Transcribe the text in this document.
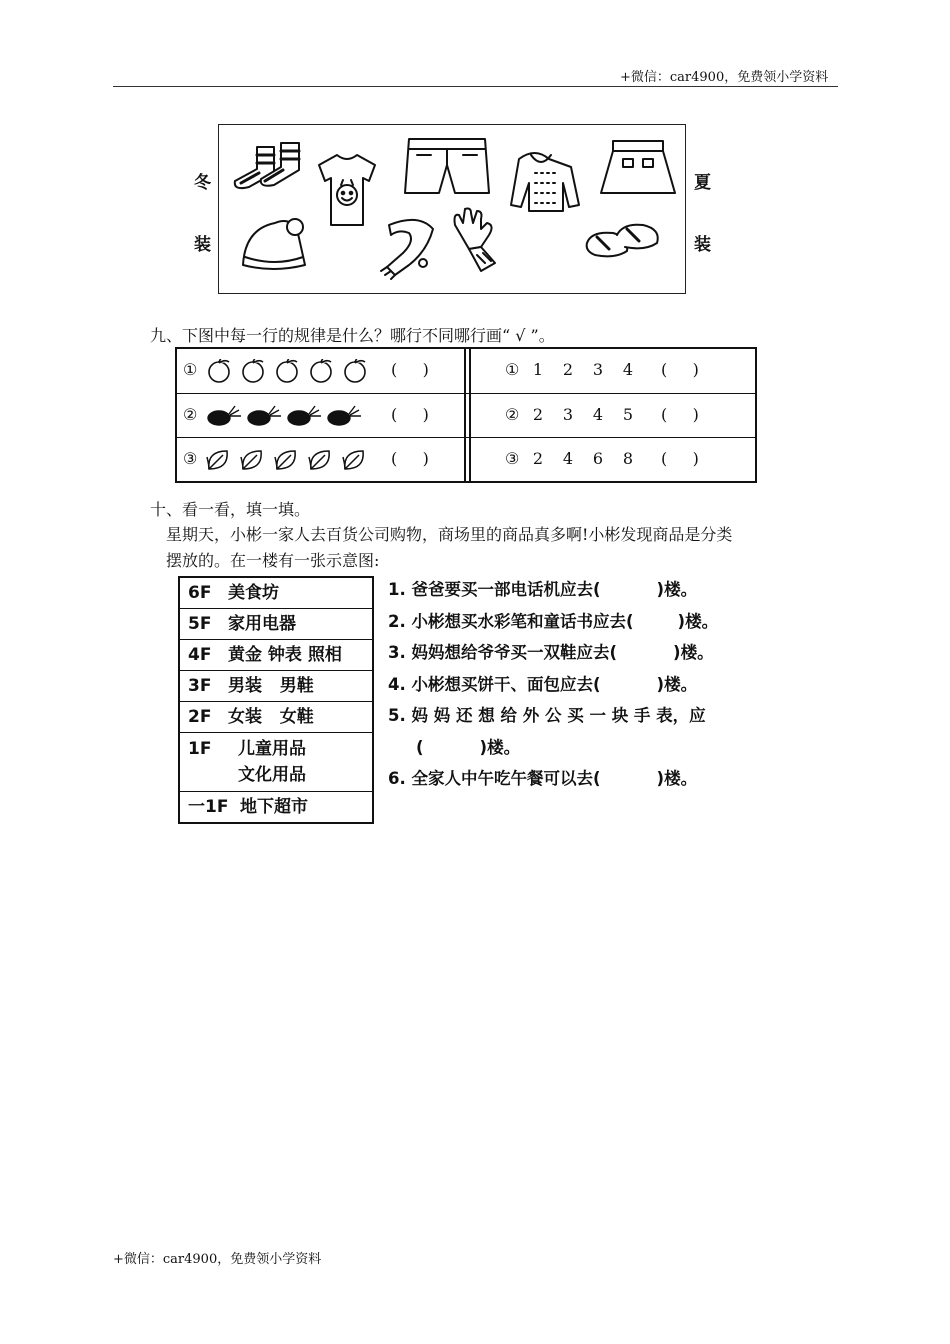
+微信：car4900，免费领小学资料
+微信：car4900，免费领小学资料
冬
装
夏
装
九、下图中每一行的规律是什么？哪行不同哪行画“ √ ”。
①	(     )	① 1 2 3 4	(     )
②	(     )	② 2 3 4 5	(     )
③	(     )	③ 2 4 6 8	(     )
十、看一看，填一填。
星期天，小彬一家人去百货公司购物，商场里的商品真多啊!小彬发现商品是分类
摆放的。在一楼有一张示意图:
6F 美食坊
5F 家用电器
4F 黄金 钟表 照相
3F 男装   男鞋
2F 女装   女鞋
1F 儿童用品
文化用品
一1F 地下超市
1. 爸爸要买一部电话机应去(	)楼。
2. 小彬想买水彩笔和童话书应去(	)楼。
3. 妈妈想给爷爷买一双鞋应去(	)楼。
4. 小彬想买饼干、面包应去(	)楼。
5. 妈 妈 还 想 给 外 公 买 一 块 手 表，应
(	)楼。
6. 全家人中午吃午餐可以去(	)楼。
